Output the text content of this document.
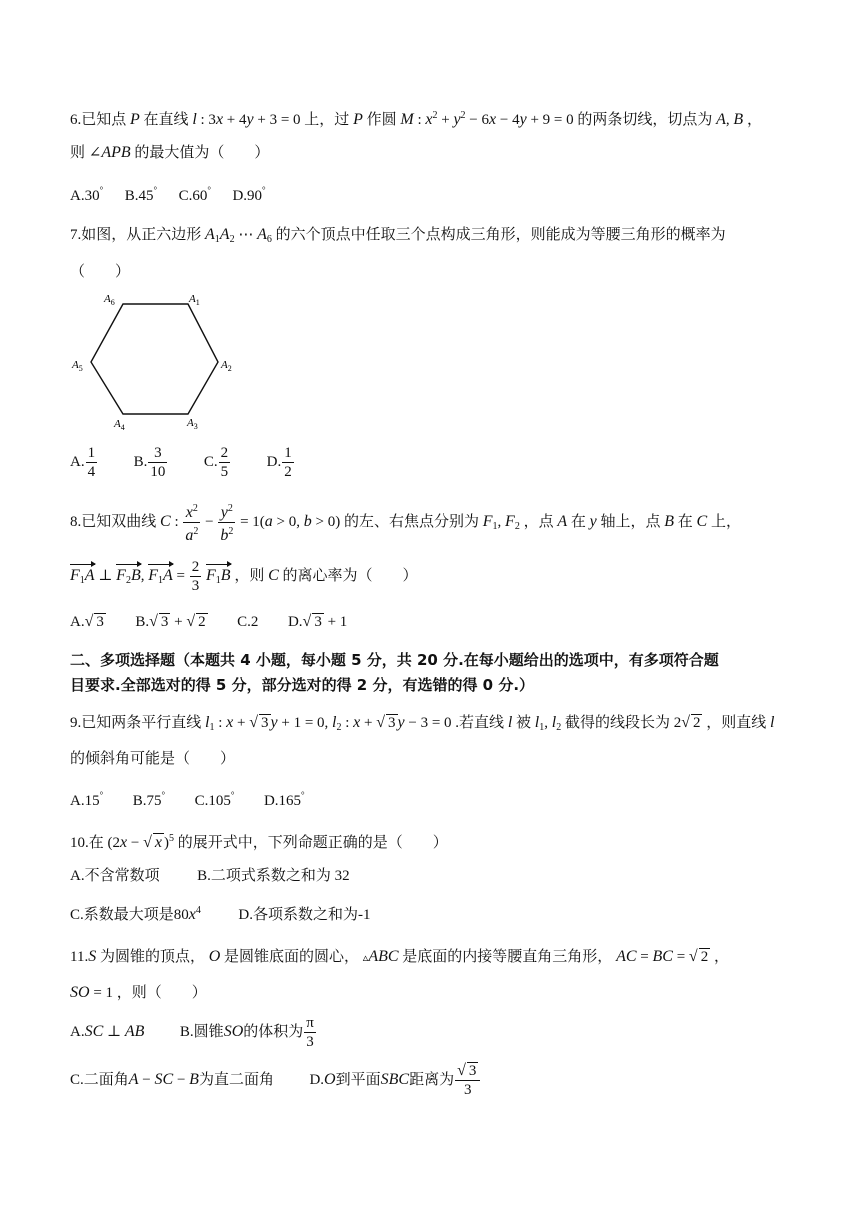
6.已知点 P 在直线 l : 3x + 4y + 3 = 0 上，过 P 作圆 M : $x^2 + y^2 - 6x - 4y + 9 = 0$ 的两条切线，切点为 A, B ，
则 ∠APB 的最大值为（　　）
A.30° B.45° C.60° D.90°
7.如图，从正六边形 $A_1A_2$ ⋯ $A_6$ 的六个顶点中任取三个点构成三角形，则能成为等腰三角形的概率为
（　　）
$A_6$	$A_1$
$A_5$	$A_2$
$A_4$	$A_3$
A. $\frac{1}{4} B$. $\frac{3}{10} C$. $\frac{2}{5} D$. $\frac{1}{2}$
8.已知双曲线 C : $\frac{x^2}{a^2} - \frac{y^2}{b^2} = 1(a > 0$, b > 0) 的左、右焦点分别为 $F_1$, $F_2$ ，点 A 在 y 轴上，点 B 在 C 上，
$F_1A$ ⊥ $F_2B$, $F_1A = \frac{2}{3} F_1B$ ，则 C 的离心率为（　　）
A.√ 3 B.√ 3 + √ 2 C.2 D.√ 3 + 1
二、多项选择题（本题共 4 小题，每小题 5 分，共 20 分.在每小题给出的选项中，有多项符合题
目要求.全部选对的得 5 分，部分选对的得 2 分，有选错的得 0 分.）
9.已知两条平行直线 $l_1$ : x + √ 3 y + 1 = 0, $l_2$ : x + √ 3 y − 3 = 0 .若直线 l 被 $l_1$, $l_2$ 截得的线段长为 2√ 2 ，则直线 l
的倾斜角可能是（　　）
A.15° B.75° C.105° D.165°
10.在 (2x − √ x )$^5$ 的展开式中，下列命题正确的是（　　）
A.不含常数项	B.二项式系数之和为 32
C.系数最大项是$80x^4$	D.各项系数之和为-1
11.S 为圆锥的顶点， O 是圆锥底面的圆心， ▵ABC 是底面的内接等腰直角三角形， AC = BC = √ 2 ，
SO = 1 ，则（　　）
A.SC ⊥ AB B.圆锥SO的体积为 $\frac{\pi}{3}$
C.二面角A − SC − B为直二面角 D.O到平面SBC距离为 $\frac{√ 3}{3}$
